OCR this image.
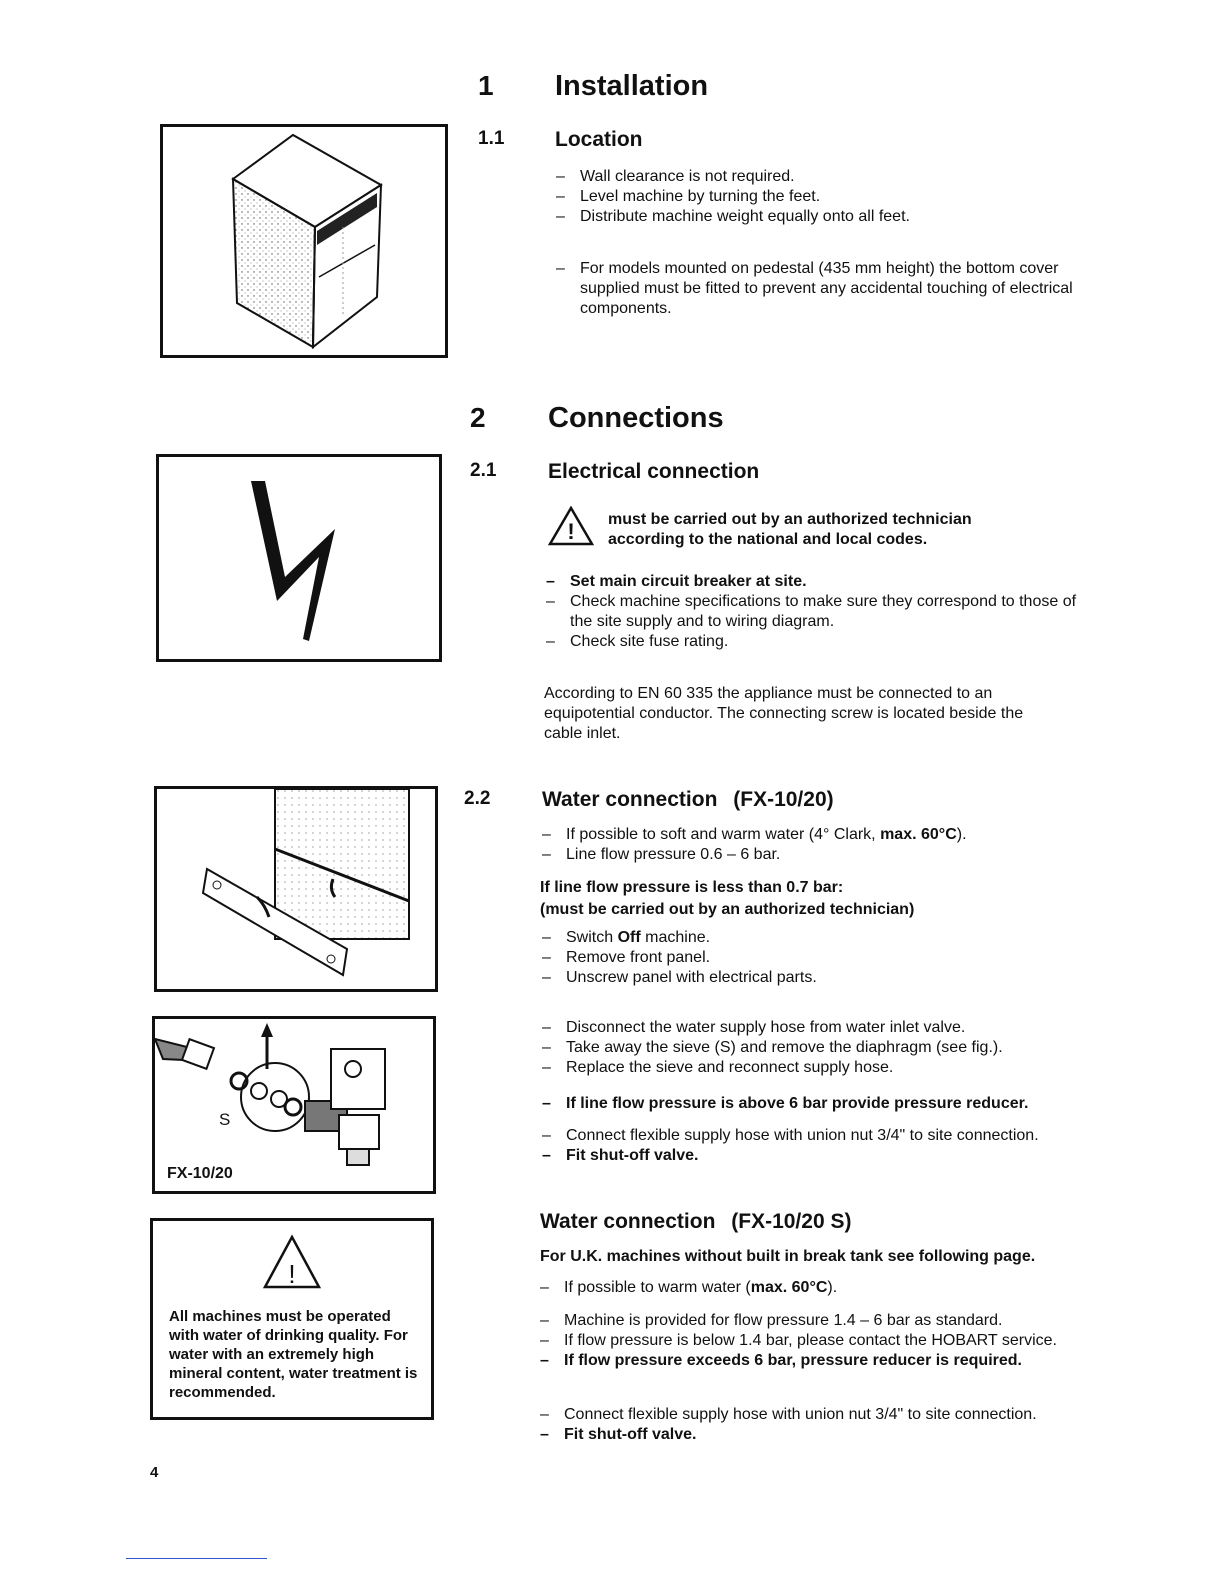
1 Installation
1.1 Location
– Wall clearance is not required.
– Level machine by turning the feet.
– Distribute machine weight equally onto all feet.
– For models mounted on pedestal (435 mm height) the bottom cover supplied must be fitted to prevent any accidental touching of electrical components.
2 Connections
2.1 Electrical connection
! must be carried out by an authorized technician according to the national and local codes.

– Set main circuit breaker at site.
– Check machine specifications to make sure they correspond to those of the site supply and to wiring diagram.
– Check site fuse rating.

According to EN 60 335 the appliance must be connected to an equipotential conductor. The connecting screw is located beside the cable inlet.

2.2 Water connection (FX-10/20)
– If possible to soft and warm water (4° Clark, max. 60°C).
– Line flow pressure 0.6 – 6 bar.

If line flow pressure is less than 0.7 bar:

(must be carried out by an authorized technician)

– Switch Off machine.
– Remove front panel.
– Unscrew panel with electrical parts.
S
FX-10/20
– Disconnect the water supply hose from water inlet valve.
– Take away the sieve (S) and remove the diaphragm (see fig.).
– Replace the sieve and reconnect supply hose.
– If line flow pressure is above 6 bar provide pressure reducer.
– Connect flexible supply hose with union nut 3/4" to site connection.
– Fit shut-off valve.
Water connection (FX-10/20 S)

For U.K. machines without built in break tank see following page.

– If possible to warm water (max. 60°C).
– Machine is provided for flow pressure 1.4 – 6 bar as standard.
– If flow pressure is below 1.4 bar, please contact the HOBART service.
– If flow pressure exceeds 6 bar, pressure reducer is required.
– Connect flexible supply hose with union nut 3/4" to site connection.
– Fit shut-off valve.
!

All machines must be operated with water of drinking quality. For water with an extremely high mineral content, water treatment is recommended.

4
